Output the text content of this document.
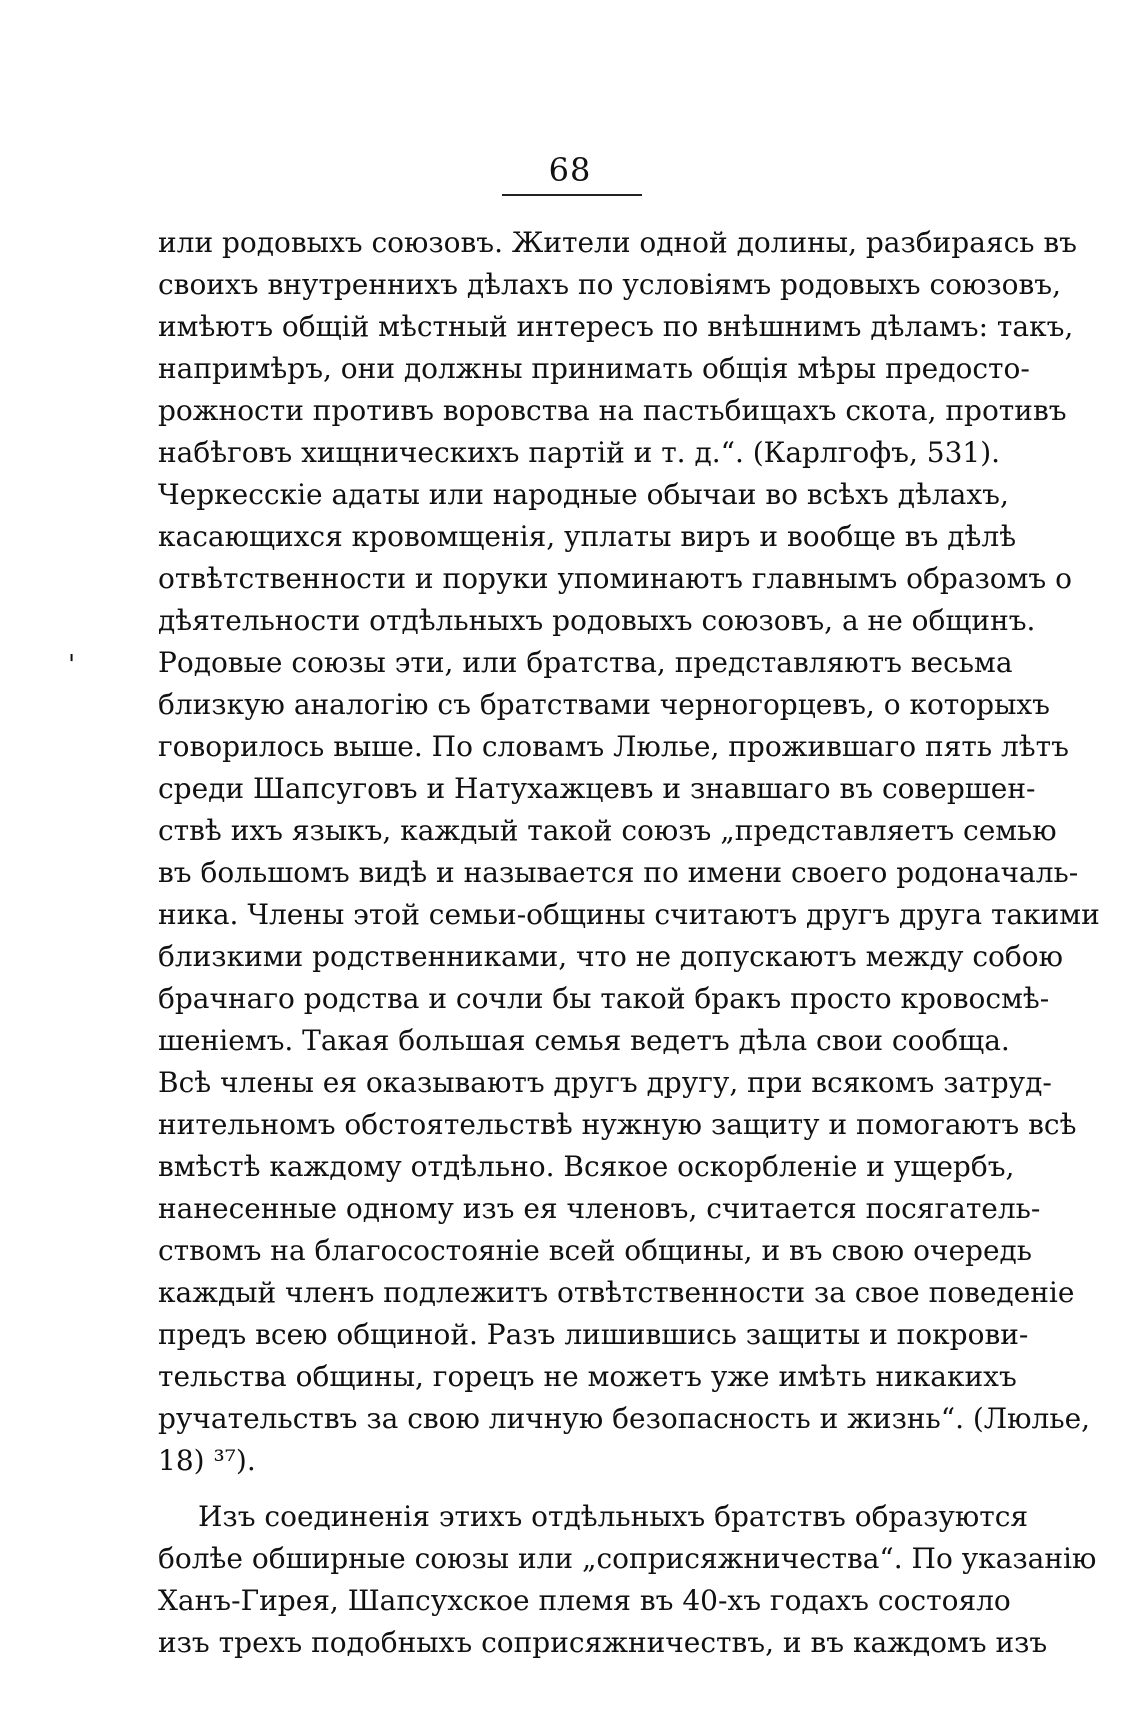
68
'
или родовыхъ союзовъ. Жители одной долины, разбираясь въ
своихъ внутреннихъ дѣлахъ по условіямъ родовыхъ союзовъ,
имѣютъ общій мѣстный интересъ по внѣшнимъ дѣламъ: такъ,
напримѣръ, они должны принимать общія мѣры предосто-
рожности противъ воровства на пастьбищахъ скота, противъ
набѣговъ хищническихъ партій и т. д.“. (Карлгофъ, 531).
Черкесскіе адаты или народные обычаи во всѣхъ дѣлахъ,
касающихся кровомщенія, уплаты виръ и вообще въ дѣлѣ
отвѣтственности и поруки упоминаютъ главнымъ образомъ о
дѣятельности отдѣльныхъ родовыхъ союзовъ, а не общинъ.
Родовые союзы эти, или братства, представляютъ весьма
близкую аналогію съ братствами черногорцевъ, о которыхъ
говорилось выше. По словамъ Люлье, прожившаго пять лѣтъ
среди Шапсуговъ и Натухажцевъ и знавшаго въ совершен-
ствѣ ихъ языкъ, каждый такой союзъ „представляетъ семью
въ большомъ видѣ и называется по имени своего родоначаль-
ника. Члены этой семьи-общины считаютъ другъ друга такими
близкими родственниками, что не допускаютъ между собою
брачнаго родства и сочли бы такой бракъ просто кровосмѣ-
шеніемъ. Такая большая семья ведетъ дѣла свои сообща.
Всѣ члены ея оказываютъ другъ другу, при всякомъ затруд-
нительномъ обстоятельствѣ нужную защиту и помогаютъ всѣ
вмѣстѣ каждому отдѣльно. Всякое оскорбленіе и ущербъ,
нанесенные одному изъ ея членовъ, считается посягатель-
ствомъ на благосостояніе всей общины, и въ свою очередь
каждый членъ подлежитъ отвѣтственности за свое поведеніе
предъ всею общиной. Разъ лишившись защиты и покрови-
тельства общины, горецъ не можетъ уже имѣть никакихъ
ручательствъ за свою личную безопасность и жизнь“. (Люлье,
18) ³⁷).
Изъ соединенія этихъ отдѣльныхъ братствъ образуются
болѣе обширные союзы или „соприсяжничества“. По указанію
Ханъ-Гирея, Шапсухское племя въ 40-хъ годахъ состояло
изъ трехъ подобныхъ соприсяжничествъ, и въ каждомъ изъ
